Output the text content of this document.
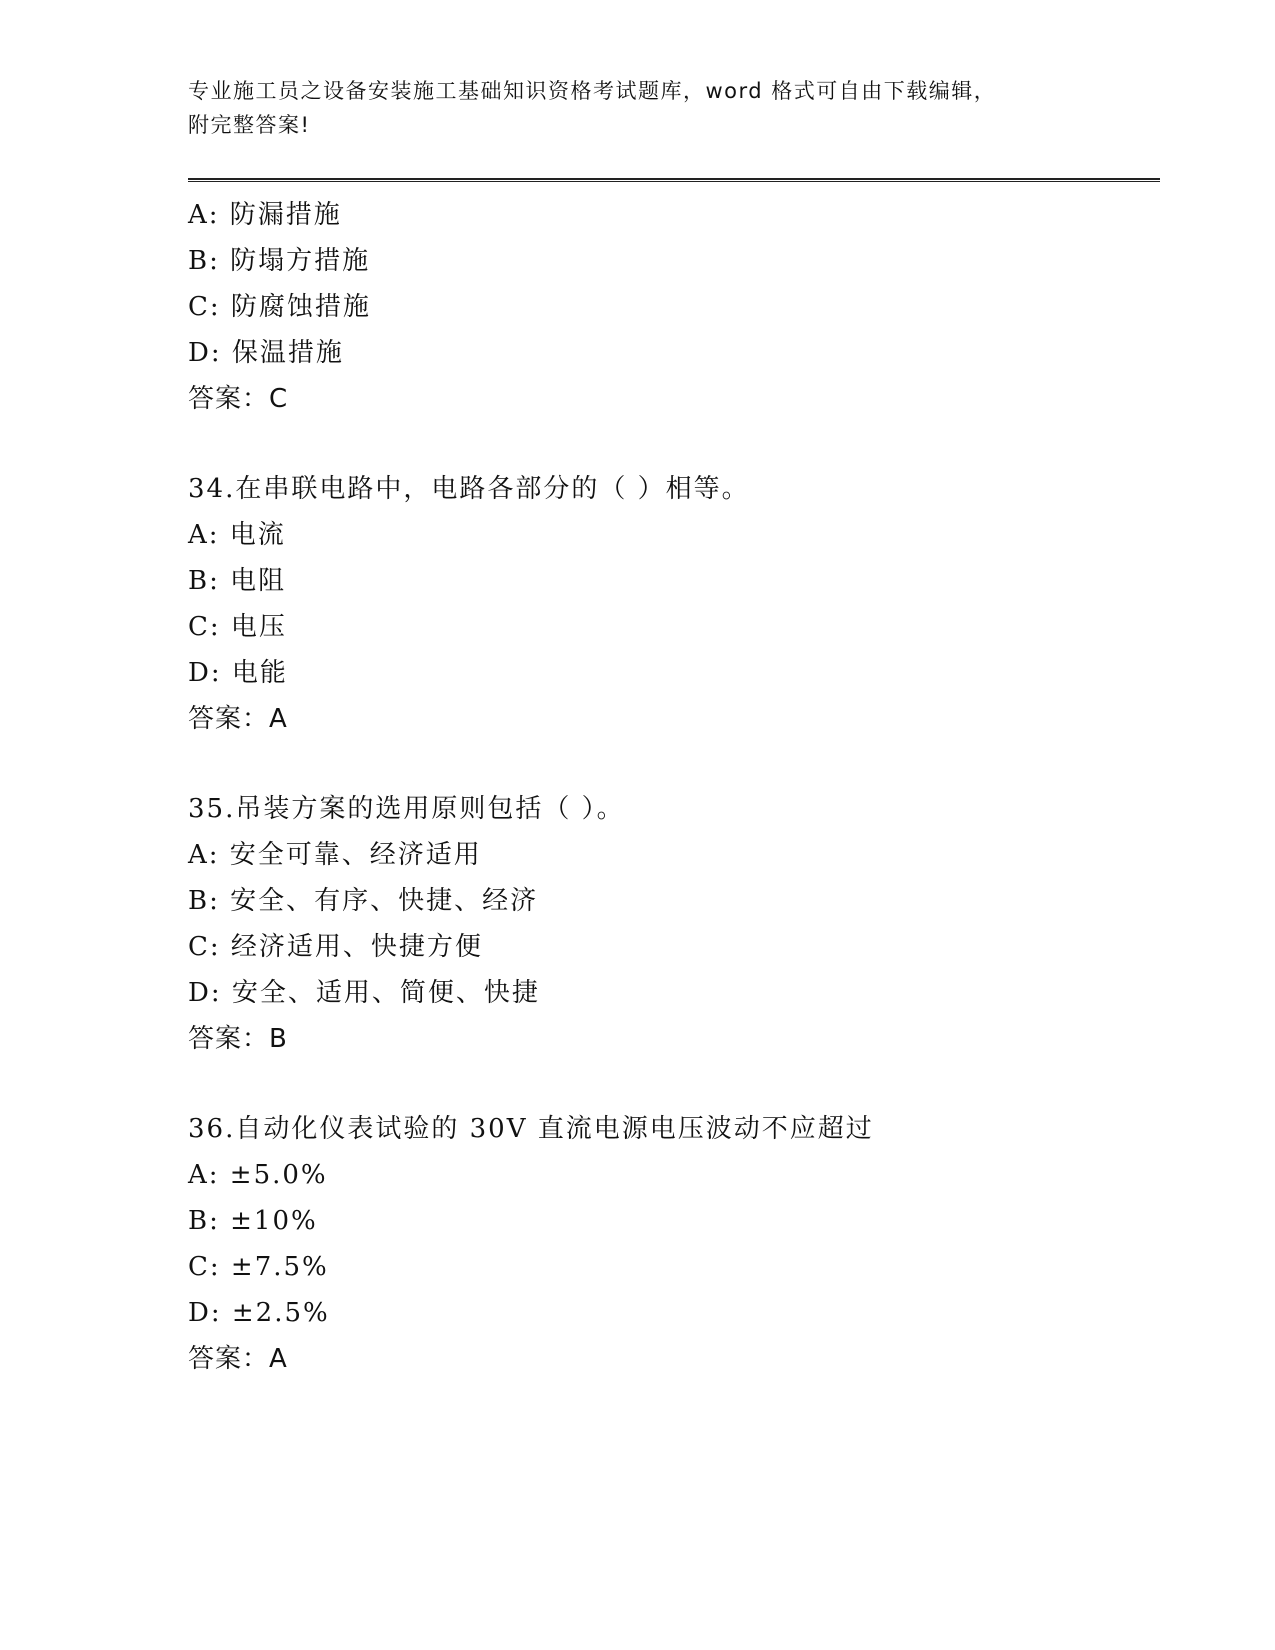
专业施工员之设备安装施工基础知识资格考试题库，word 格式可自由下载编辑，
附完整答案!
A: 防漏措施
B: 防塌方措施
C: 防腐蚀措施
D: 保温措施
答案：C
34.在串联电路中，电路各部分的（ ）相等。
A: 电流
B: 电阻
C: 电压
D: 电能
答案：A
35.吊装方案的选用原则包括（ ）。
A: 安全可靠、经济适用
B: 安全、有序、快捷、经济
C: 经济适用、快捷方便
D: 安全、适用、简便、快捷
答案：B
36.自动化仪表试验的 30V 直流电源电压波动不应超过
A: ±5.0%
B: ±10%
C: ±7.5%
D: ±2.5%
答案：A
